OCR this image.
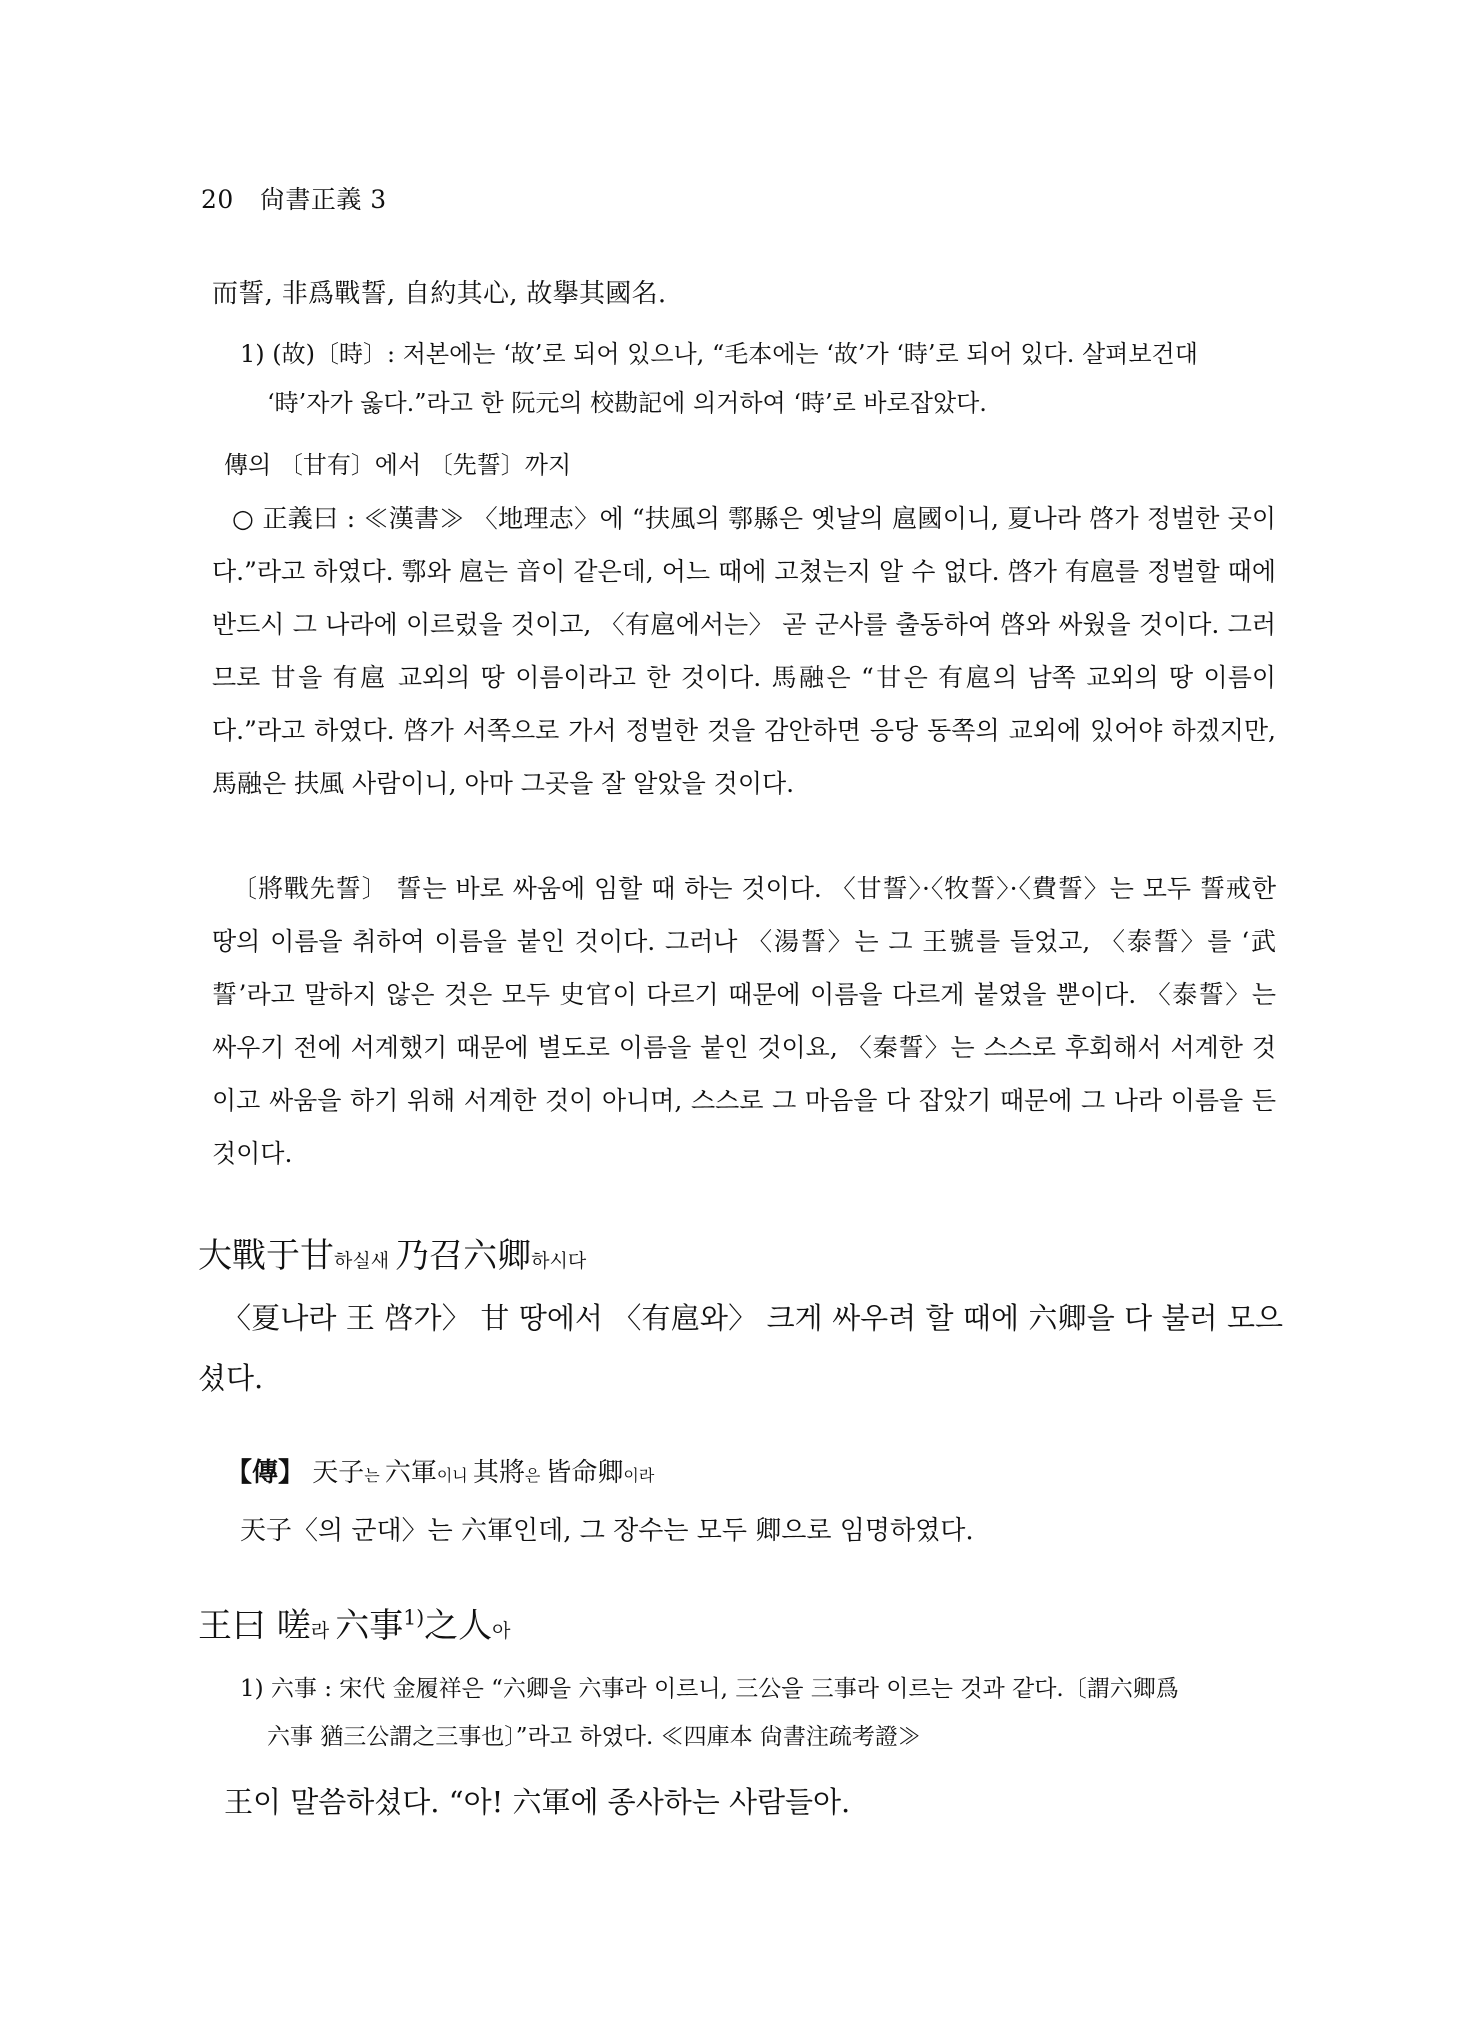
20 尙書正義 3
而誓, 非爲戰誓, 自約其心, 故擧其國名.
1) (故)〔時〕: 저본에는 ‘故’로 되어 있으나, “毛本에는 ‘故’가 ‘時’로 되어 있다. 살펴보건대
‘時’자가 옳다.”라고 한 阮元의 校勘記에 의거하여 ‘時’로 바로잡았다.
傳의 〔甘有〕에서 〔先誓〕까지

○ 正義曰 : ≪漢書≫ 〈地理志〉에 “扶風의 鄠縣은 옛날의 扈國이니, 夏나라 啓가 정벌한 곳이다.”라고 하였다. 鄠와 扈는 音이 같은데, 어느 때에 고쳤는지 알 수 없다. 啓가 有扈를 정벌할 때에 반드시 그 나라에 이르렀을 것이고, 〈有扈에서는〉 곧 군사를 출동하여 啓와 싸웠을 것이다. 그러므로 甘을 有扈 교외의 땅 이름이라고 한 것이다. 馬融은 “甘은 有扈의 남쪽 교외의 땅 이름이다.”라고 하였다. 啓가 서쪽으로 가서 정벌한 것을 감안하면 응당 동쪽의 교외에 있어야 하겠지만, 馬融은 扶風 사람이니, 아마 그곳을 잘 알았을 것이다.

〔將戰先誓〕 誓는 바로 싸움에 임할 때 하는 것이다. 〈甘誓〉·〈牧誓〉·〈費誓〉는 모두 誓戒한 땅의 이름을 취하여 이름을 붙인 것이다. 그러나 〈湯誓〉는 그 王號를 들었고, 〈泰誓〉를 ‘武誓’라고 말하지 않은 것은 모두 史官이 다르기 때문에 이름을 다르게 붙였을 뿐이다. 〈泰誓〉는 싸우기 전에 서계했기 때문에 별도로 이름을 붙인 것이요, 〈秦誓〉는 스스로 후회해서 서계한 것이고 싸움을 하기 위해 서계한 것이 아니며, 스스로 그 마음을 다 잡았기 때문에 그 나라 이름을 든 것이다.

大戰于甘하실새 乃召六卿하시다
〈夏나라 王 啓가〉 甘 땅에서 〈有扈와〉 크게 싸우려 할 때에 六卿을 다 불러 모으셨다.
【傳】 天子는 六軍이니 其將은 皆命卿이라
天子〈의 군대〉는 六軍인데, 그 장수는 모두 卿으로 임명하였다.
王曰 嗟라 六事$^{1)}$之人아
1) 六事 : 宋代 金履祥은 “六卿을 六事라 이르니, 三公을 三事라 이르는 것과 같다.〔謂六卿爲
六事 猶三公謂之三事也〕”라고 하였다. ≪四庫本 尙書注疏考證≫
王이 말씀하셨다. “아! 六軍에 종사하는 사람들아.
